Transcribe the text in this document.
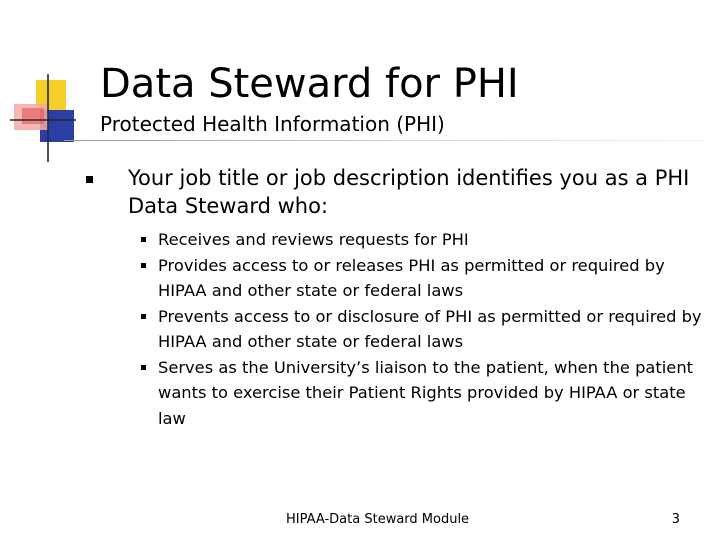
Data Steward for PHI
Protected Health Information (PHI)
Your job title or job description identifies you as a PHI Data Steward who:
Receives and reviews requests for PHI
Provides access to or releases PHI as permitted or required by HIPAA and other state or federal laws
Prevents access to or disclosure of PHI as permitted or required by HIPAA and other state or federal laws
Serves as the University’s liaison to the patient, when the patient wants to exercise their Patient Rights provided by HIPAA or state law
HIPAA-Data Steward Module	3
